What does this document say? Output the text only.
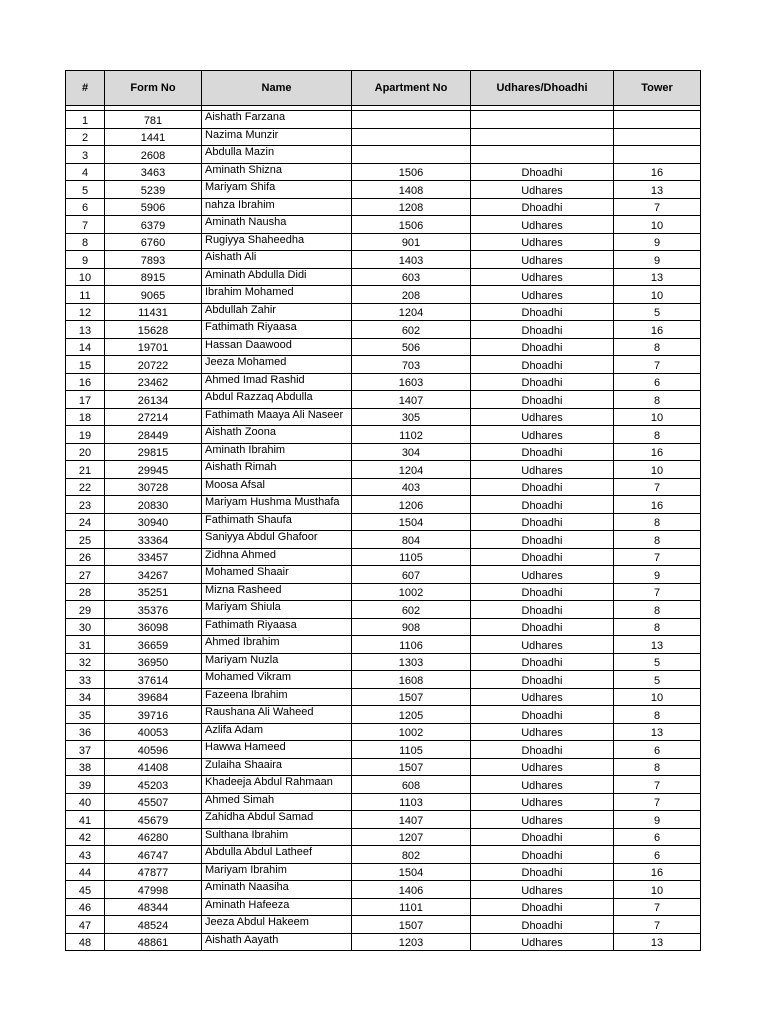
#	Form No	Name	Apartment No	Udhares/Dhoadhi	Tower

1	781	Aishath Farzana			
2	1441	Nazima Munzir			
3	2608	Abdulla Mazin			
4	3463	Aminath Shizna	1506	Dhoadhi	16
5	5239	Mariyam Shifa	1408	Udhares	13
6	5906	nahza Ibrahim	1208	Dhoadhi	7
7	6379	Aminath Nausha	1506	Udhares	10
8	6760	Rugiyya Shaheedha	901	Udhares	9
9	7893	Aishath Ali	1403	Udhares	9
10	8915	Aminath Abdulla Didi	603	Udhares	13
11	9065	Ibrahim Mohamed	208	Udhares	10
12	11431	Abdullah Zahir	1204	Dhoadhi	5
13	15628	Fathimath Riyaasa	602	Dhoadhi	16
14	19701	Hassan Daawood	506	Dhoadhi	8
15	20722	Jeeza Mohamed	703	Dhoadhi	7
16	23462	Ahmed Imad Rashid	1603	Dhoadhi	6
17	26134	Abdul Razzaq Abdulla	1407	Dhoadhi	8
18	27214	Fathimath Maaya Ali Naseer	305	Udhares	10
19	28449	Aishath Zoona	1102	Udhares	8
20	29815	Aminath Ibrahim	304	Dhoadhi	16
21	29945	Aishath Rimah	1204	Udhares	10
22	30728	Moosa Afsal	403	Dhoadhi	7
23	20830	Mariyam Hushma Musthafa	1206	Dhoadhi	16
24	30940	Fathimath Shaufa	1504	Dhoadhi	8
25	33364	Saniyya Abdul Ghafoor	804	Dhoadhi	8
26	33457	Zidhna Ahmed	1105	Dhoadhi	7
27	34267	Mohamed Shaair	607	Udhares	9
28	35251	Mizna Rasheed	1002	Dhoadhi	7
29	35376	Mariyam Shiula	602	Dhoadhi	8
30	36098	Fathimath Riyaasa	908	Dhoadhi	8
31	36659	Ahmed Ibrahim	1106	Udhares	13
32	36950	Mariyam Nuzla	1303	Dhoadhi	5
33	37614	Mohamed Vikram	1608	Dhoadhi	5
34	39684	Fazeena Ibrahim	1507	Udhares	10
35	39716	Raushana Ali Waheed	1205	Dhoadhi	8
36	40053	Azlifa Adam	1002	Udhares	13
37	40596	Hawwa Hameed	1105	Dhoadhi	6
38	41408	Zulaiha Shaaira	1507	Udhares	8
39	45203	Khadeeja Abdul Rahmaan	608	Udhares	7
40	45507	Ahmed Simah	1103	Udhares	7
41	45679	Zahidha Abdul Samad	1407	Udhares	9
42	46280	Sulthana Ibrahim	1207	Dhoadhi	6
43	46747	Abdulla Abdul Latheef	802	Dhoadhi	6
44	47877	Mariyam Ibrahim	1504	Dhoadhi	16
45	47998	Aminath Naasiha	1406	Udhares	10
46	48344	Aminath Hafeeza	1101	Dhoadhi	7
47	48524	Jeeza Abdul Hakeem	1507	Dhoadhi	7
48	48861	Aishath Aayath	1203	Udhares	13
